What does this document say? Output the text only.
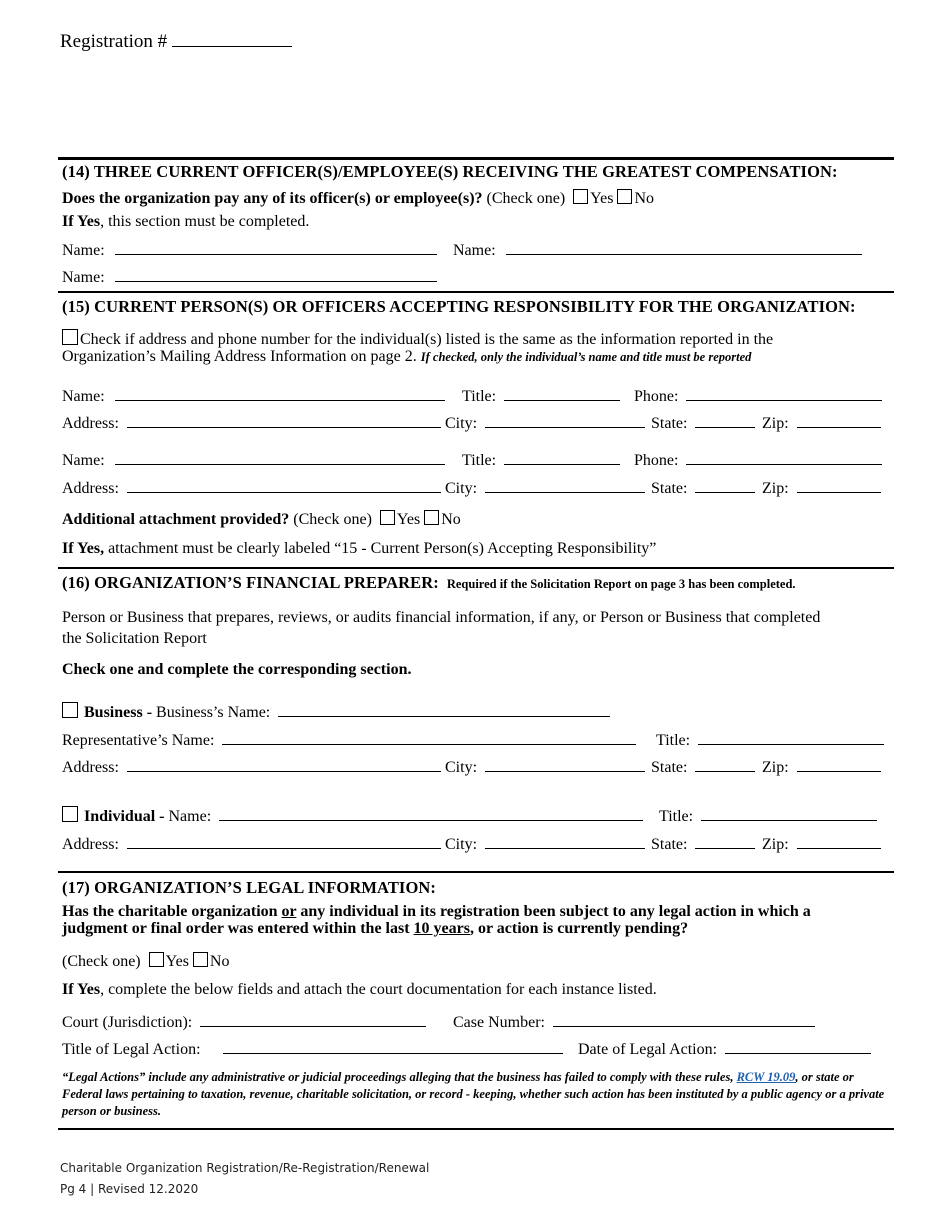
Registration #
(14) THREE CURRENT OFFICER(S)/EMPLOYEE(S) RECEIVING THE GREATEST COMPENSATION:
Does the organization pay any of its officer(s) or employee(s)? (Check one) Yes No
If Yes, this section must be completed.
Name:	Name:
Name:
(15) CURRENT PERSON(S) OR OFFICERS ACCEPTING RESPONSIBILITY FOR THE ORGANIZATION:
Check if address and phone number for the individual(s) listed is the same as the information reported in the
Organization’s Mailing Address Information on page 2. If checked, only the individual’s name and title must be reported
Name:	Title:	Phone:
Address:	City:	State:	Zip:
Name:	Title:	Phone:
Address:	City:	State:	Zip:
Additional attachment provided? (Check one) Yes No
If Yes, attachment must be clearly labeled “15 - Current Person(s) Accepting Responsibility”
(16) ORGANIZATION’S FINANCIAL PREPARER: Required if the Solicitation Report on page 3 has been completed.
Person or Business that prepares, reviews, or audits financial information, if any, or Person or Business that completed
the Solicitation Report
Check one and complete the corresponding section.
Business - Business’s Name:
Representative’s Name:	Title:
Address:	City:	State:	Zip:
Individual - Name:	Title:
Address:	City:	State:	Zip:
(17) ORGANIZATION’S LEGAL INFORMATION:
Has the charitable organization or any individual in its registration been subject to any legal action in which a
judgment or final order was entered within the last 10 years, or action is currently pending?
(Check one) Yes No
If Yes, complete the below fields and attach the court documentation for each instance listed.
Court (Jurisdiction):	Case Number:
Title of Legal Action:	Date of Legal Action:
“Legal Actions” include any administrative or judicial proceedings alleging that the business has failed to comply with these rules, RCW 19.09, or state or Federal laws pertaining to taxation, revenue, charitable solicitation, or record - keeping, whether such action has been instituted by a public agency or a private person or business.
Charitable Organization Registration/Re-Registration/Renewal
Pg 4 | Revised 12.2020
